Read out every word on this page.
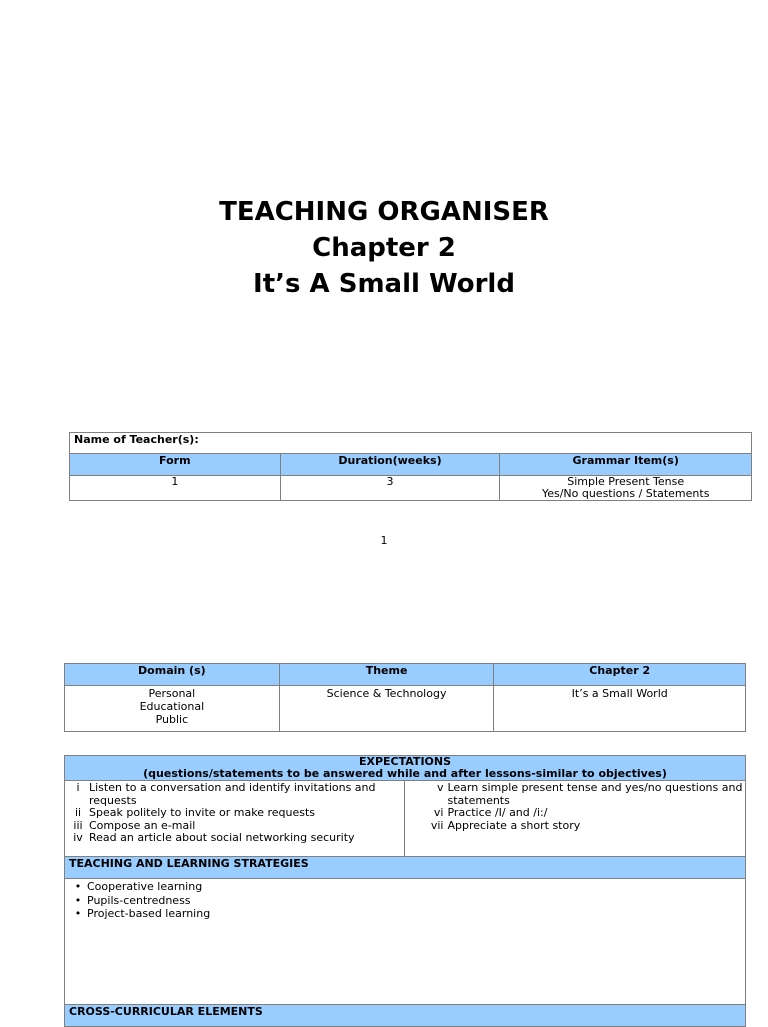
TEACHING ORGANISER
Chapter 2
It’s A Small World
Name of Teacher(s):		
Form	Duration(weeks)	Grammar Item(s)
1	3	Simple Present Tense
Yes/No questions / Statements
1
Domain (s)	Theme	Chapter 2

Personal
Educational
Public	Science & Technology	It’s a Small World
EXPECTATIONS
(questions/statements to be answered while and after lessons-similar to objectives)

i Listen to a conversation and identify invitations and requests
ii Speak politely to invite or make requests
iii Compose an e-mail
iv Read an article about social networking security

v Learn simple present tense and yes/no questions and statements
vi Practice /I/ and /i:/
vii Appreciate a short story

TEACHING AND LEARNING STRATEGIES

• Cooperative learning
• Pupils-centredness
• Project-based learning

CROSS-CURRICULAR ELEMENTS
